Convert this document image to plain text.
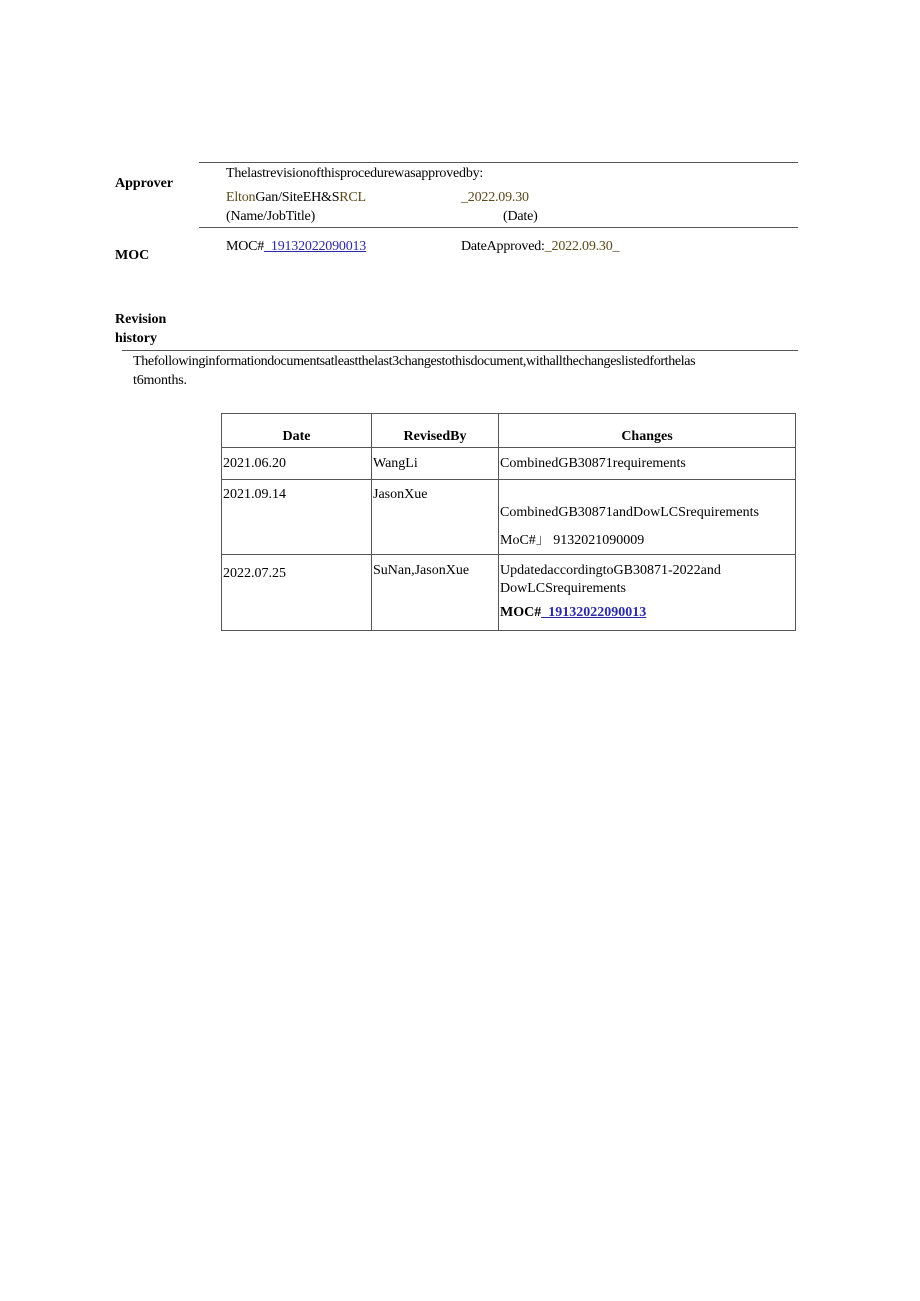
Approver
Thelastrevisionofthisprocedurewasapprovedby:
EltonGan/SiteEH&SRCL	_2022.09.30
(Name/JobTitle)	(Date)
MOC
MOC#_19132022090013	DateApproved:_2022.09.30_
Revision
history
Thefollowinginformationdocumentsatleastthelast3changestothisdocument,withallthechangeslistedforthelas
t6months.
Date	RevisedBy	Changes
2021.06.20	WangLi	CombinedGB30871requirements
2021.09.14	JasonXue	CombinedGB30871andDowLCSrequirements
MoC#」 9132021090009

2022.07.25	SuNan,JasonXue	UpdatedaccordingtoGB30871-2022and
DowLCSrequirements
MOC#_19132022090013
